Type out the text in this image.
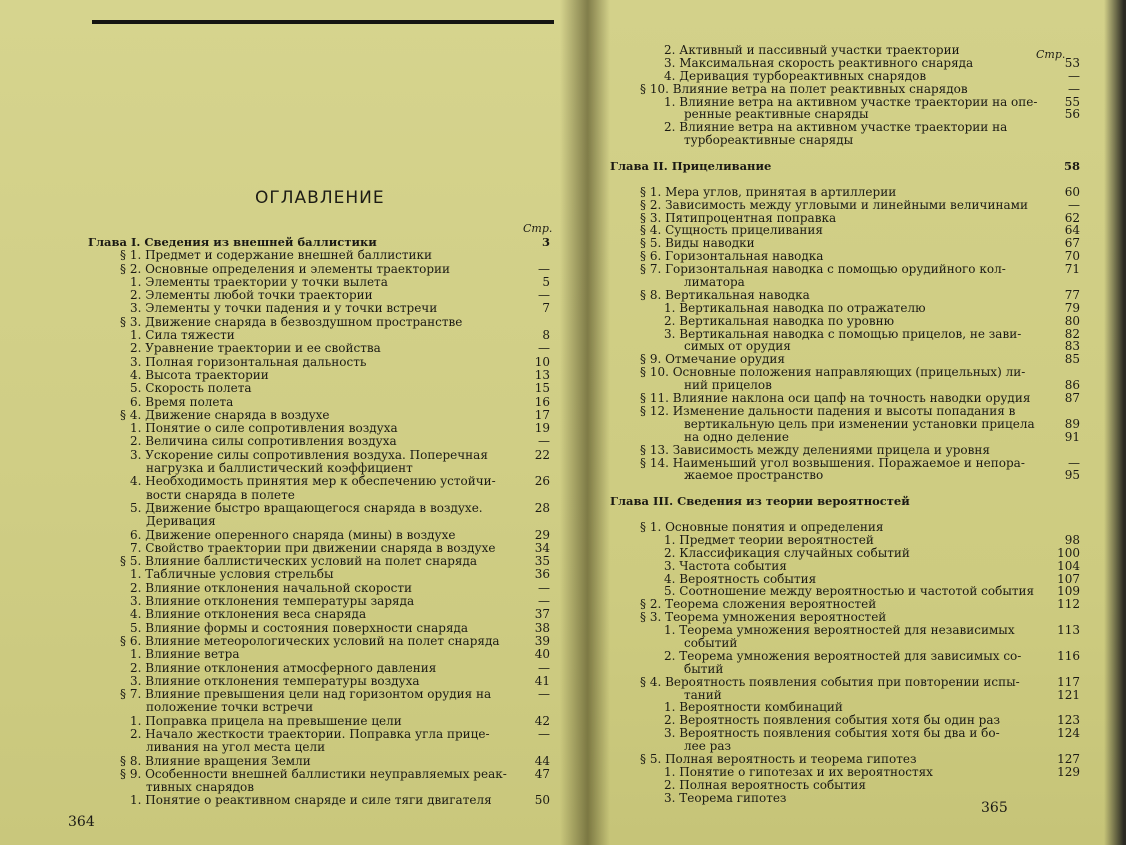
ОГЛАВЛЕНИЕ
Стр.
Глава I. Сведения из внешней баллистики	3
§ 1. Предмет и содержание внешней баллистики
§ 2. Основные определения и элементы траектории	—
1. Элементы траектории у точки вылета	5
2. Элементы любой точки траектории	—
3. Элементы у точки падения и у точки встречи	7
§ 3. Движение снаряда в безвоздушном пространстве
1. Сила тяжести	8
2. Уравнение траектории и ее свойства	—
3. Полная горизонтальная дальность	10
4. Высота траектории	13
5. Скорость полета	15
6. Время полета	16
§ 4. Движение снаряда в воздухе	17
1. Понятие о силе сопротивления воздуха	19
2. Величина силы сопротивления воздуха	—
3. Ускорение силы сопротивления воздуха. Поперечная	22
нагрузка и баллистический коэффициент
4. Необходимость принятия мер к обеспечению устойчи-	26
вости снаряда в полете
5. Движение быстро вращающегося снаряда в воздухе.	28
Деривация
6. Движение оперенного снаряда (мины) в воздухе	29
7. Свойство траектории при движении снаряда в воздухе	34
§ 5. Влияние баллистических условий на полет снаряда	35
1. Табличные условия стрельбы	36
2. Влияние отклонения начальной скорости	—
3. Влияние отклонения температуры заряда	—
4. Влияние отклонения веса снаряда	37
5. Влияние формы и состояния поверхности снаряда	38
§ 6. Влияние метеорологических условий на полет снаряда	39
1. Влияние ветра	40
2. Влияние отклонения атмосферного давления	—
3. Влияние отклонения температуры воздуха	41
§ 7. Влияние превышения цели над горизонтом орудия на	—
положение точки встречи
1. Поправка прицела на превышение цели	42
2. Начало жесткости траектории. Поправка угла прице-	—
ливания на угол места цели
§ 8. Влияние вращения Земли	44
§ 9. Особенности внешней баллистики неуправляемых реак-	47
тивных снарядов
1. Понятие о реактивном снаряде и силе тяги двигателя	50
364
Стр.
2. Активный и пассивный участки траектории
3. Максимальная скорость реактивного снаряда	53
4. Деривация турбореактивных снарядов	—
§ 10. Влияние ветра на полет реактивных снарядов	—
1. Влияние ветра на активном участке траектории на опе-	55
ренные реактивные снаряды	56
2. Влияние ветра на активном участке траектории на
турбореактивные снаряды
Глава II. Прицеливание	58
§ 1. Мера углов, принятая в артиллерии	60
§ 2. Зависимость между угловыми и линейными величинами	—
§ 3. Пятипроцентная поправка	62
§ 4. Сущность прицеливания	64
§ 5. Виды наводки	67
§ 6. Горизонтальная наводка	70
§ 7. Горизонтальная наводка с помощью орудийного кол-	71
лиматора
§ 8. Вертикальная наводка	77
1. Вертикальная наводка по отражателю	79
2. Вертикальная наводка по уровню	80
3. Вертикальная наводка с помощью прицелов, не зави-	82
симых от орудия	83
§ 9. Отмечание орудия	85
§ 10. Основные положения направляющих (прицельных) ли-
ний прицелов	86
§ 11. Влияние наклона оси цапф на точность наводки орудия	87
§ 12. Изменение дальности падения и высоты попадания в
вертикальную цель при изменении установки прицела	89
на одно деление	91
§ 13. Зависимость между делениями прицела и уровня
§ 14. Наименьший угол возвышения. Поражаемое и непора-	—
жаемое пространство	95
Глава III. Сведения из теории вероятностей
§ 1. Основные понятия и определения
1. Предмет теории вероятностей	98
2. Классификация случайных событий	100
3. Частота события	104
4. Вероятность события	107
5. Соотношение между вероятностью и частотой события	109
§ 2. Теорема сложения вероятностей	112
§ 3. Теорема умножения вероятностей
1. Теорема умножения вероятностей для независимых	113
событий
2. Теорема умножения вероятностей для зависимых со-	116
бытий
§ 4. Вероятность появления события при повторении испы-	117
таний	121
1. Вероятности комбинаций
2. Вероятность появления события хотя бы один раз	123
3. Вероятность появления события хотя бы два и бо-	124
лее раз
§ 5. Полная вероятность и теорема гипотез	127
1. Понятие о гипотезах и их вероятностях	129
2. Полная вероятность события
3. Теорема гипотез
365
